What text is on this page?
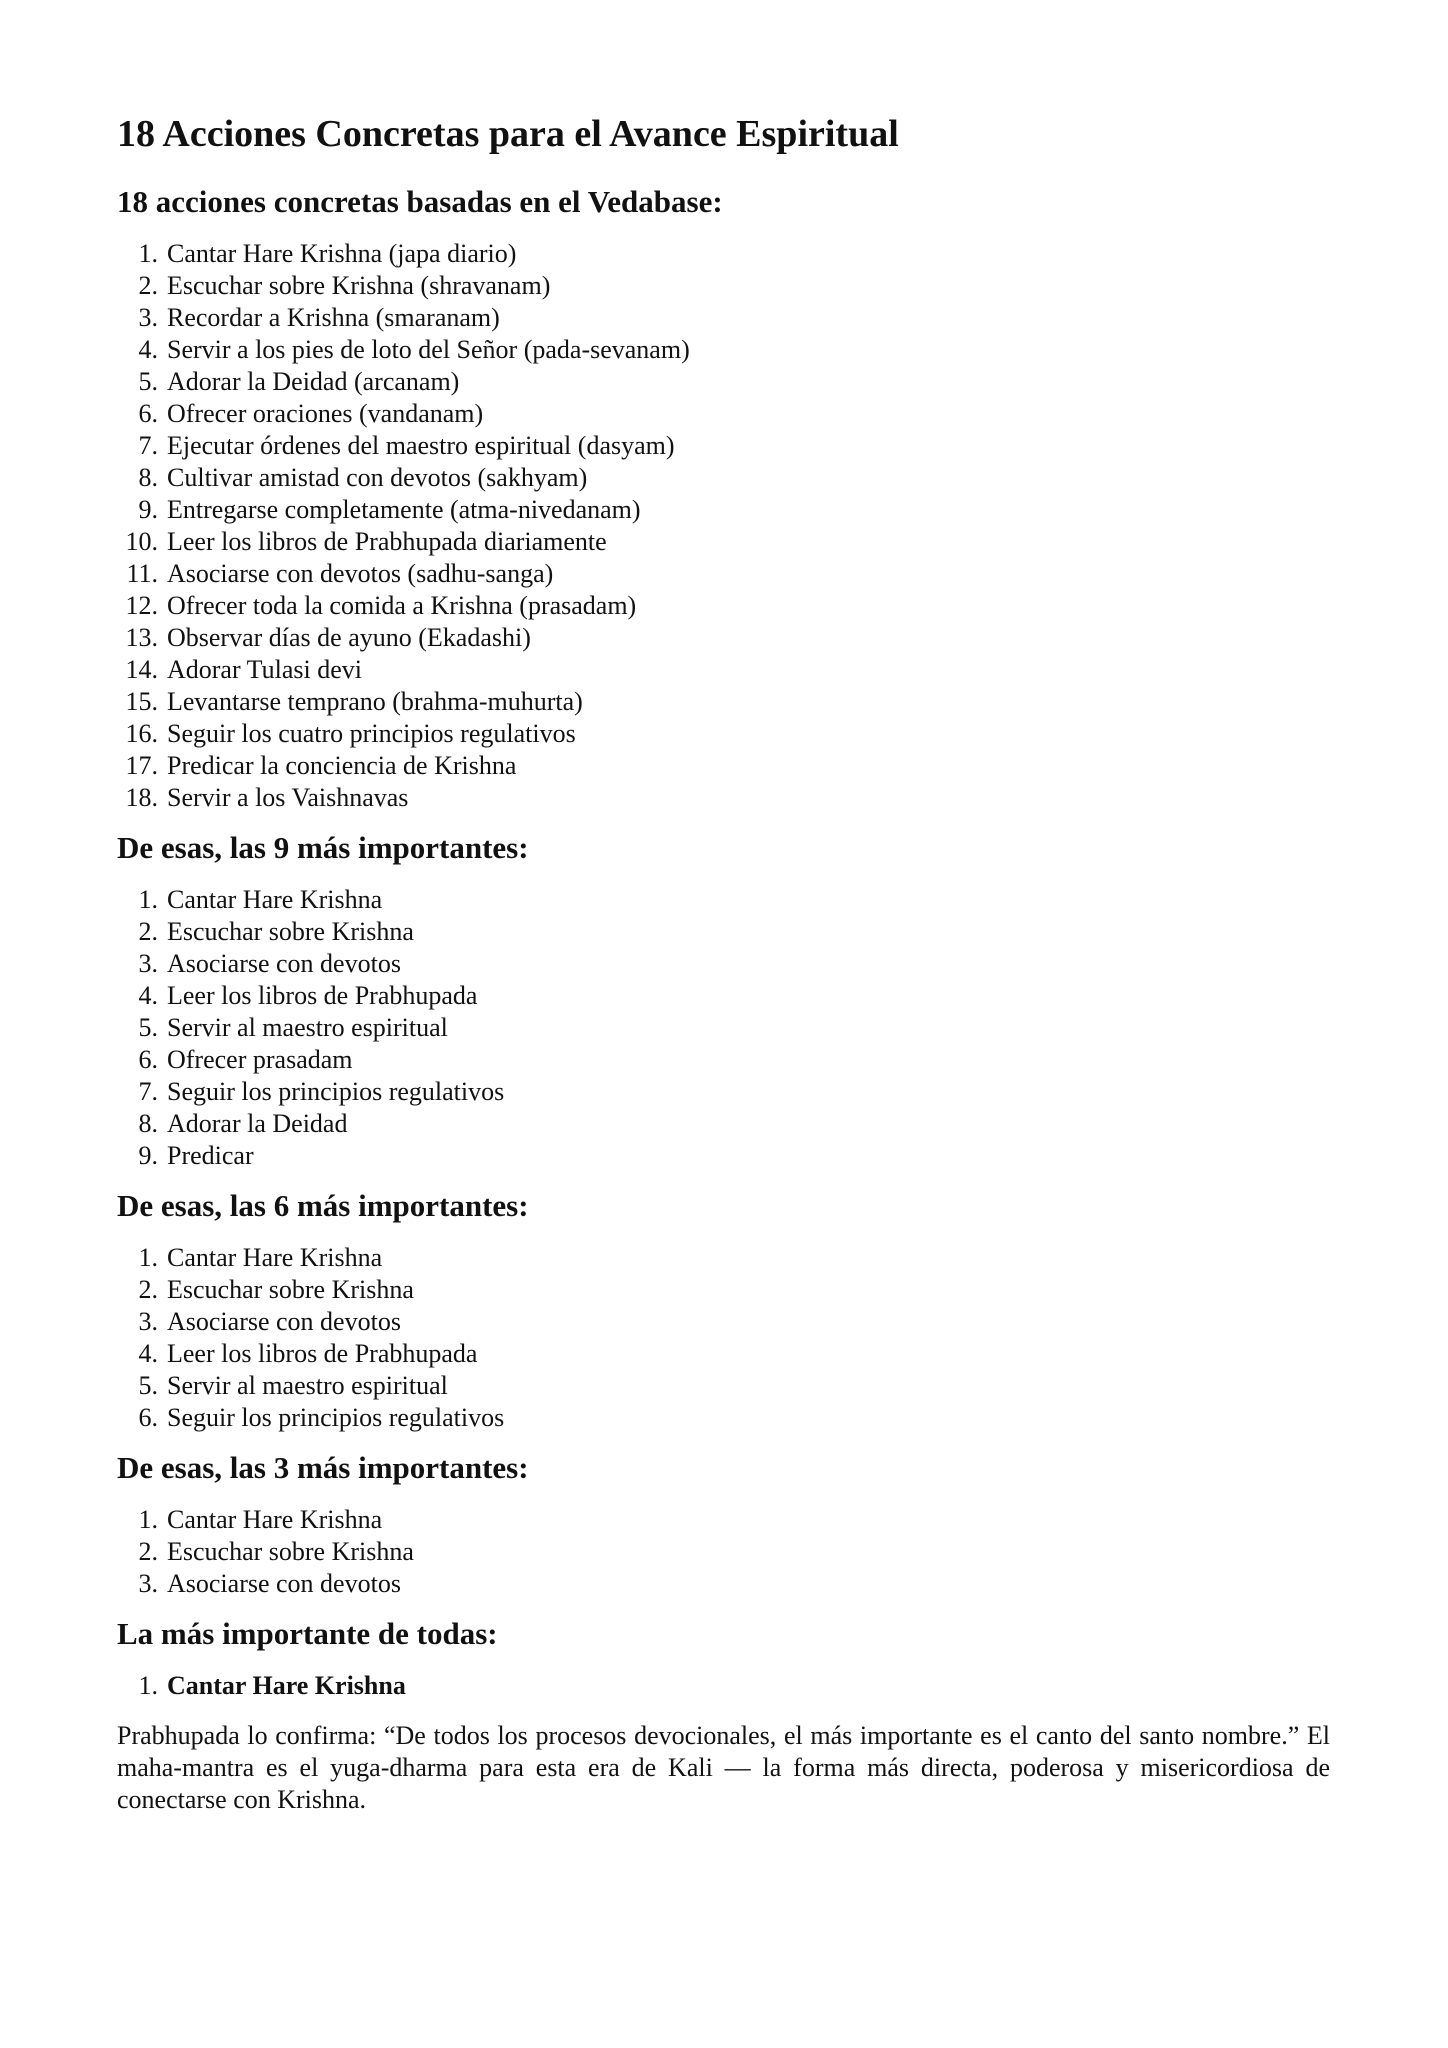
18 Acciones Concretas para el Avance Espiritual
18 acciones concretas basadas en el Vedabase:
1. Cantar Hare Krishna (japa diario)
2. Escuchar sobre Krishna (shravanam)
3. Recordar a Krishna (smaranam)
4. Servir a los pies de loto del Señor (pada-sevanam)
5. Adorar la Deidad (arcanam)
6. Ofrecer oraciones (vandanam)
7. Ejecutar órdenes del maestro espiritual (dasyam)
8. Cultivar amistad con devotos (sakhyam)
9. Entregarse completamente (atma-nivedanam)
10. Leer los libros de Prabhupada diariamente
11. Asociarse con devotos (sadhu-sanga)
12. Ofrecer toda la comida a Krishna (prasadam)
13. Observar días de ayuno (Ekadashi)
14. Adorar Tulasi devi
15. Levantarse temprano (brahma-muhurta)
16. Seguir los cuatro principios regulativos
17. Predicar la conciencia de Krishna
18. Servir a los Vaishnavas
De esas, las 9 más importantes:
1. Cantar Hare Krishna
2. Escuchar sobre Krishna
3. Asociarse con devotos
4. Leer los libros de Prabhupada
5. Servir al maestro espiritual
6. Ofrecer prasadam
7. Seguir los principios regulativos
8. Adorar la Deidad
9. Predicar
De esas, las 6 más importantes:
1. Cantar Hare Krishna
2. Escuchar sobre Krishna
3. Asociarse con devotos
4. Leer los libros de Prabhupada
5. Servir al maestro espiritual
6. Seguir los principios regulativos
De esas, las 3 más importantes:
1. Cantar Hare Krishna
2. Escuchar sobre Krishna
3. Asociarse con devotos
La más importante de todas:
1. Cantar Hare Krishna

Prabhupada lo confirma: “De todos los procesos devocionales, el más importante es el canto del santo nombre.” El maha-mantra es el yuga-dharma para esta era de Kali — la forma más directa, poderosa y misericordiosa de conectarse con Krishna.
